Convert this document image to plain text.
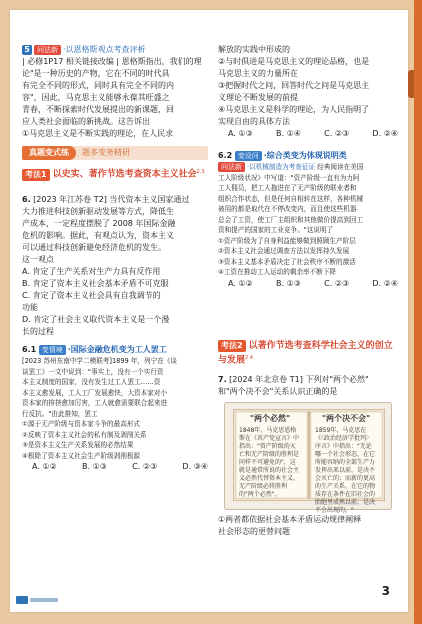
5 问法新 ·以恩格斯观点考查评析
| 必修1P17 相关链接改编 | 恩格斯指出，我们的理
论"是一种历史的产物，它在不同的时代具
有完全不同的形式，同时具有完全不同的内
容"，因此，马克思主义能够永葆其旺盛之
青春，不断探索时代发展提出的新课题，回
应人类社会面临的新挑战。这告诉出
①马克思主义是不断实践的理论，在人民求
真题变式练	题多变务精研
考法1 以史实、著作节选考查资本主义社会$^{2.3}$
6. [2023 年江苏卷 T2] 当代资本主义国家通过
大力推进科技创新驱动发展等方式，降低生
产成本，一定程度摆脱了 2008 年国际金融
危机的影响。据此，有观点认为，资本主义
可以通过科技创新避免经济危机的发生。
这一观点
A. 肯定了生产关系对生产力具有反作用
B. 肯定了资本主义社会基本矛盾不可克服
C. 肯定了资本主义社会具有自我调节的
功能
D. 肯定了社会主义取代资本主义是一个漫
长的过程
6.1 变情境 ·国际金融危机变为工人罢工
[2023 苏州东南中学二模联考]1899 年，列宁在《谈
谈罢工》一文中说到："事实上，没有一个实行资
本主义制度的国家，没有发生过工人罢工……资
本主义愈发展，工人工厂发展愈快，大资本家对小
资本家的排挤愈加厉害，工人就愈需要联合起来进
行反抗。"由此推知，罢工
①源于无产阶级与资本家斗争的最高形式
②反映了资本主义社会的私有制及剥削关系
③是资本主义生产关系发展的必然结果
④根除了资本主义社会生产阶级剥削根源
A. ①②	B. ①③	C. ②③	D. ③④
解放的实践中形成的
②与时俱进是马克思主义的理论品格，也是
马克思主义的力量所在
③把握时代之问，回答时代之问是马克思主
义理论不断发展的前提
④马克思主义是科学的理论，为人民指明了
实现自由的具体方法
A. ①③	B. ①④	C. ②③	D. ②④
6.2 变设问 ·综合类变为体现说明类
问法新 ·以机械制造为考查征证 经典阅读在美国
工人阶级状况》中写道："资产阶级一直有为力阿
工人佣员，把工人拖进在了无产阶级的联业者和
组织合作状态，但是任何自相转在这样，各种机械
被用的都是取代在不停改变内，而且使这些机器
总会了工资，使工厂主组织和其他做价提高到回工
资和提产的国家的工业竞争。"这说明了
①资产阶级为了自身利益能够做到照顾生产阶层
②资本主义社会通过调查方法以发挥持久发展
③资本主义基本矛盾决定了社会秩序不断的激活
④工资在推动工人运动的剩余率不断下降
A. ①②	B. ①③	C. ②③	D. ②④
考法2 以著作节选考查科学社会主义的创立与发展$^{2.4}$
7. [2024 年北京卷 T1] 下列对"两个必然"
和"两个决不会"关系认识正确的是
"两个必然"
1848年，马克思恩格斯在《共产党宣言》中指出："资产阶级的灭亡和无产阶级的胜利是同样不可避免的"，这就是通常所说的社会主义必然代替资本主义、无产阶级必将胜利的"两个必然"。
"两个决不会"
1859年，马克思在《〈政治经济学批判〉序言》中指出："无论哪一个社会形态，在它所能容纳的全部生产力发挥出来以前，是决不会灭亡的；而新的更高的生产关系，在它的物质存在条件在旧社会的胎胞里成熟以前，是决不会出现的。"
①两者都依据社会基本矛盾运动规律阐释
社会形态的更替问题
3
